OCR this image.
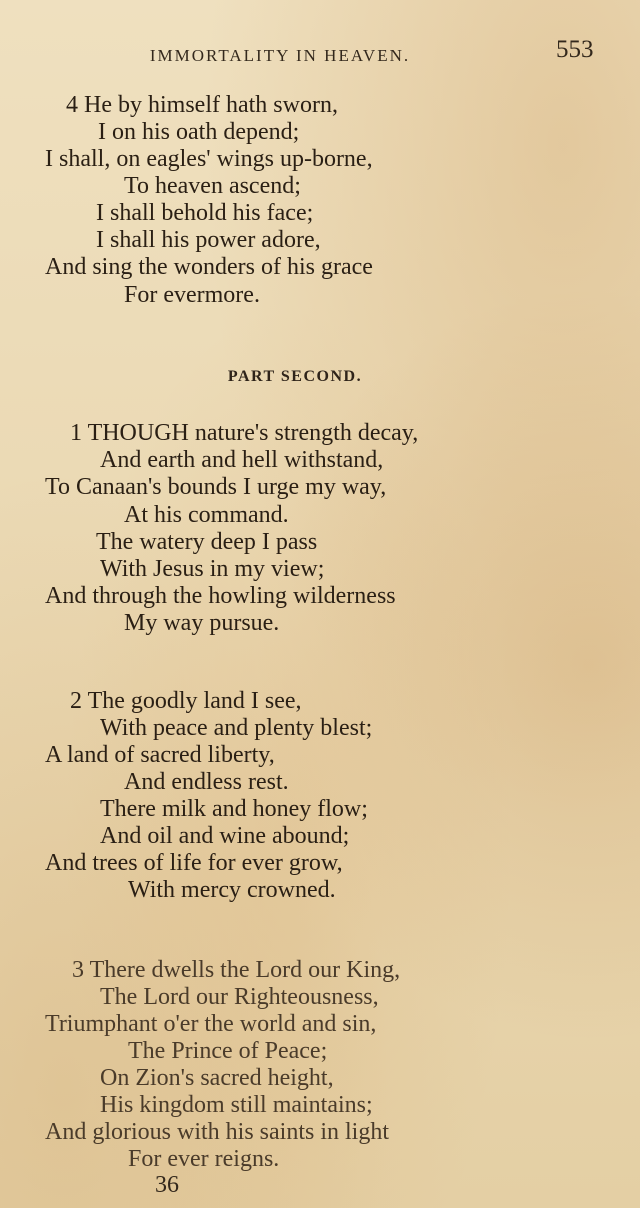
IMMORTALITY IN HEAVEN.	553
4 He by himself hath sworn,
I on his oath depend;
I shall, on eagles' wings up-borne,
To heaven ascend;
I shall behold his face;
I shall his power adore,
And sing the wonders of his grace
For evermore.
PART SECOND.
1 THOUGH nature's strength decay,
And earth and hell withstand,
To Canaan's bounds I urge my way,
At his command.
The watery deep I pass
With Jesus in my view;
And through the howling wilderness
My way pursue.
2 The goodly land I see,
With peace and plenty blest;
A land of sacred liberty,
And endless rest.
There milk and honey flow;
And oil and wine abound;
And trees of life for ever grow,
With mercy crowned.
3 There dwells the Lord our King,
The Lord our Righteousness,
Triumphant o'er the world and sin,
The Prince of Peace;
On Zion's sacred height,
His kingdom still maintains;
And glorious with his saints in light
For ever reigns.
36
